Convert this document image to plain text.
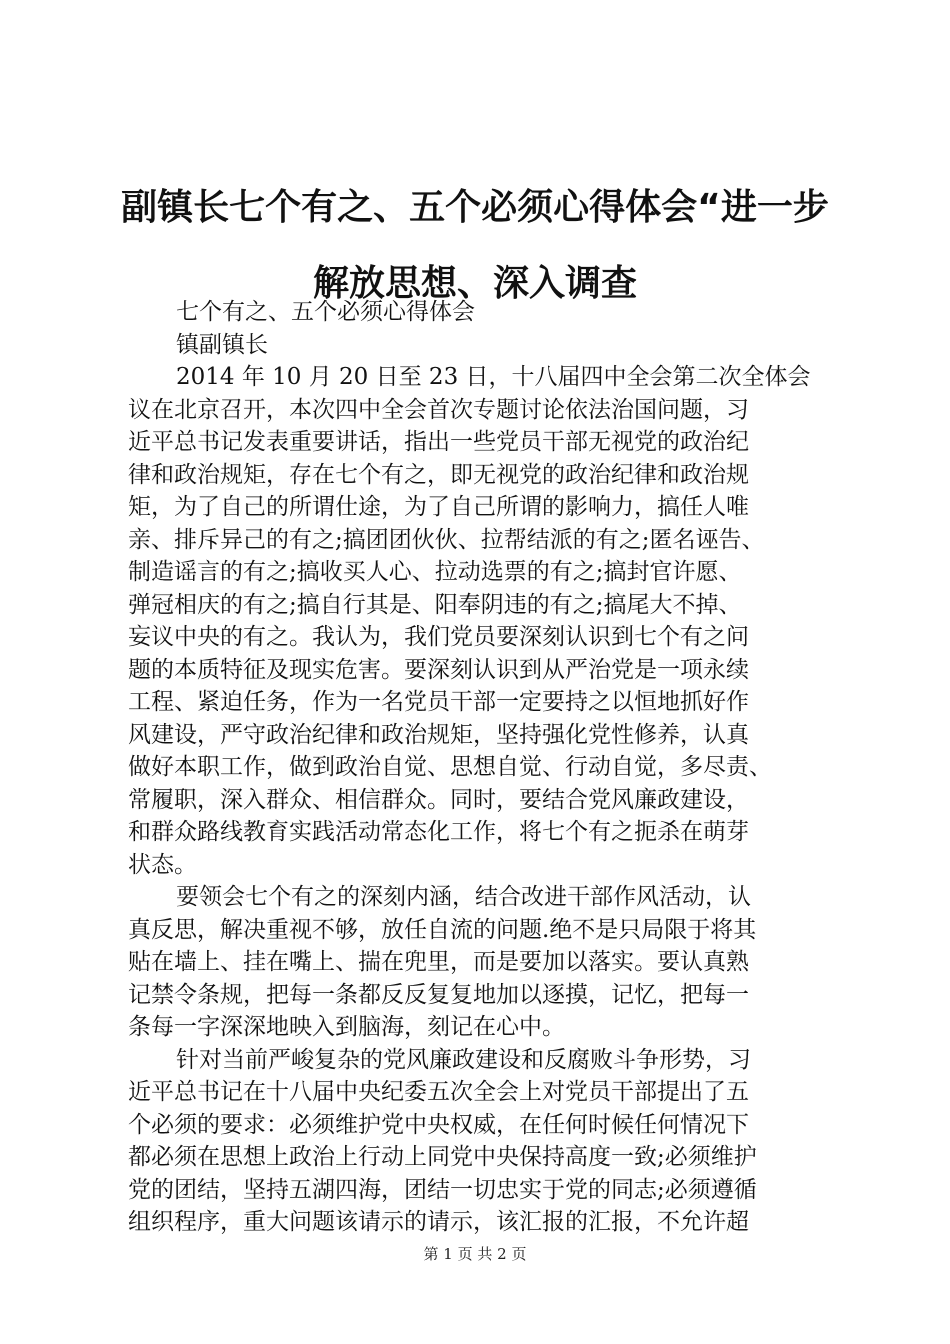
副镇长七个有之、五个必须心得体会“进一步
解放思想、深入调查
七个有之、五个必须心得体会
镇副镇长
2014 年 10 月 20 日至 23 日，十八届四中全会第二次全体会
议在北京召开，本次四中全会首次专题讨论依法治国问题，习
近平总书记发表重要讲话，指出一些党员干部无视党的政治纪
律和政治规矩，存在七个有之，即无视党的政治纪律和政治规
矩，为了自己的所谓仕途，为了自己所谓的影响力，搞任人唯
亲、排斥异己的有之;搞团团伙伙、拉帮结派的有之;匿名诬告、
制造谣言的有之;搞收买人心、拉动选票的有之;搞封官许愿、
弹冠相庆的有之;搞自行其是、阳奉阴违的有之;搞尾大不掉、
妄议中央的有之。我认为，我们党员要深刻认识到七个有之问
题的本质特征及现实危害。要深刻认识到从严治党是一项永续
工程、紧迫任务，作为一名党员干部一定要持之以恒地抓好作
风建设，严守政治纪律和政治规矩，坚持强化党性修养，认真
做好本职工作，做到政治自觉、思想自觉、行动自觉，多尽责、
常履职，深入群众、相信群众。同时，要结合党风廉政建设，
和群众路线教育实践活动常态化工作，将七个有之扼杀在萌芽
状态。
要领会七个有之的深刻内涵，结合改进干部作风活动，认
真反思，解决重视不够，放任自流的问题.绝不是只局限于将其
贴在墙上、挂在嘴上、揣在兜里，而是要加以落实。要认真熟
记禁令条规，把每一条都反反复复地加以逐摸，记忆，把每一
条每一字深深地映入到脑海，刻记在心中。
针对当前严峻复杂的党风廉政建设和反腐败斗争形势，习
近平总书记在十八届中央纪委五次全会上对党员干部提出了五
个必须的要求：必须维护党中央权威，在任何时候任何情况下
都必须在思想上政治上行动上同党中央保持高度一致;必须维护
党的团结，坚持五湖四海，团结一切忠实于党的同志;必须遵循
组织程序，重大问题该请示的请示，该汇报的汇报，不允许超
第 1 页 共 2 页
